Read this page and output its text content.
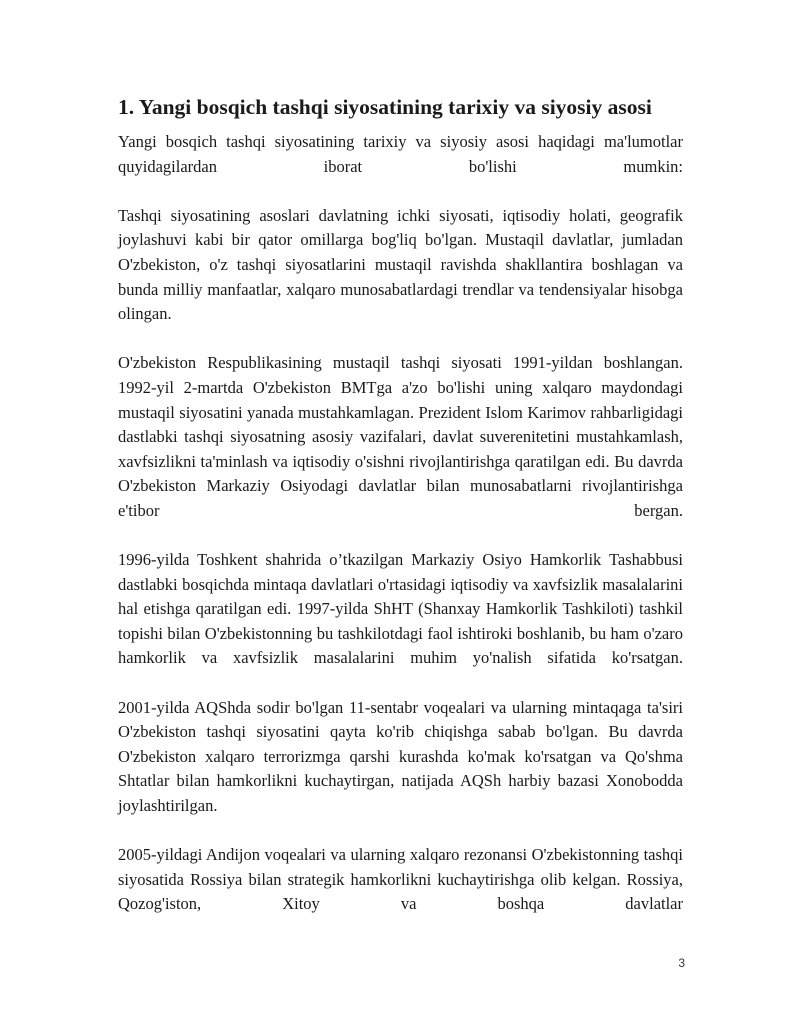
1. Yangi bosqich tashqi siyosatining tarixiy va siyosiy asosi

Yangi bosqich tashqi siyosatining tarixiy va siyosiy asosi haqidagi ma'lumotlar quyidagilardan iborat bo'lishi mumkin:

Tashqi siyosatining asoslari davlatning ichki siyosati, iqtisodiy holati, geografik joylashuvi kabi bir qator omillarga bog'liq bo'lgan. Mustaqil davlatlar, jumladan O'zbekiston, o'z tashqi siyosatlarini mustaqil ravishda shakllantira boshlagan va bunda milliy manfaatlar, xalqaro munosabatlardagi trendlar va tendensiyalar hisobga olingan.

O'zbekiston Respublikasining mustaqil tashqi siyosati 1991-yildan boshlangan. 1992-yil 2-martda O'zbekiston BMTga a'zo bo'lishi uning xalqaro maydondagi mustaqil siyosatini yanada mustahkamlagan. Prezident Islom Karimov rahbarligidagi dastlabki tashqi siyosatning asosiy vazifalari, davlat suverenitetini mustahkamlash, xavfsizlikni ta'minlash va iqtisodiy o'sishni rivojlantirishga qaratilgan edi. Bu davrda O'zbekiston Markaziy Osiyodagi davlatlar bilan munosabatlarni rivojlantirishga e'tibor bergan.

1996-yilda Toshkent shahrida o’tkazilgan Markaziy Osiyo Hamkorlik Tashabbusi dastlabki bosqichda mintaqa davlatlari o'rtasidagi iqtisodiy va xavfsizlik masalalarini hal etishga qaratilgan edi. 1997-yilda ShHT (Shanxay Hamkorlik Tashkiloti) tashkil topishi bilan O'zbekistonning bu tashkilotdagi faol ishtiroki boshlanib, bu ham o'zaro hamkorlik va xavfsizlik masalalarini muhim yo'nalish sifatida ko'rsatgan.

2001-yilda AQShda sodir bo'lgan 11-sentabr voqealari va ularning mintaqaga ta'siri O'zbekiston tashqi siyosatini qayta ko'rib chiqishga sabab bo'lgan. Bu davrda O'zbekiston xalqaro terrorizmga qarshi kurashda ko'mak ko'rsatgan va Qo'shma Shtatlar bilan hamkorlikni kuchaytirgan, natijada AQSh harbiy bazasi Xonobodda joylashtirilgan.

2005-yildagi Andijon voqealari va ularning xalqaro rezonansi O'zbekistonning tashqi siyosatida Rossiya bilan strategik hamkorlikni kuchaytirishga olib kelgan. Rossiya, Qozog'iston, Xitoy va boshqa davlatlar

3
